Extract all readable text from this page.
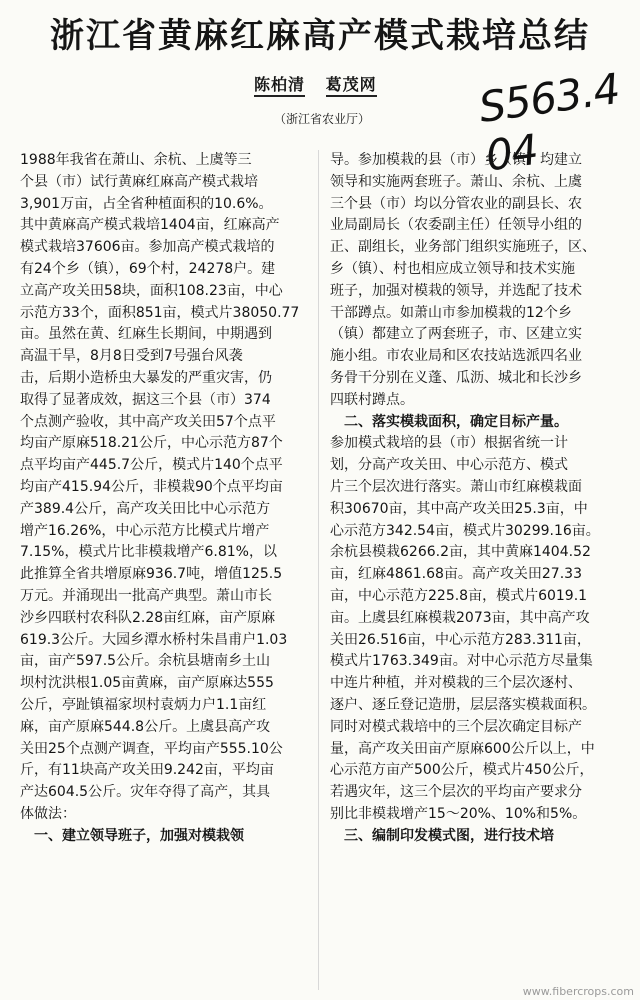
浙江省黄麻红麻高产模式栽培总结
陈柏清 葛茂网
（浙江省农业厅）	S563.4 04
1988年我省在萧山、余杭、上虞等三
个县（市）试行黄麻红麻高产模式栽培
3,901万亩，占全省种植面积的10.6%。
其中黄麻高产模式栽培1404亩，红麻高产
模式栽培37606亩。参加高产模式栽培的
有24个乡（镇），69个村，24278户。建
立高产攻关田58块，面积108.23亩，中心
示范方33个，面积851亩，模式片38050.77
亩。虽然在黄、红麻生长期间，中期遇到
高温干旱，8月8日受到7号强台风袭
击，后期小造桥虫大暴发的严重灾害，仍
取得了显著成效，据这三个县（市）374
个点测产验收，其中高产攻关田57个点平
均亩产原麻518.21公斤，中心示范方87个
点平均亩产445.7公斤，模式片140个点平
均亩产415.94公斤，非模栽90个点平均亩
产389.4公斤，高产攻关田比中心示范方
增产16.26%，中心示范方比模式片增产
7.15%，模式片比非模栽增产6.81%，以
此推算全省共增原麻936.7吨，增值125.5
万元。并涌现出一批高产典型。萧山市长
沙乡四联村农科队2.28亩红麻，亩产原麻
619.3公斤。大园乡潭水桥村朱昌甫户1.03
亩，亩产597.5公斤。余杭县塘南乡土山
坝村沈洪根1.05亩黄麻，亩产原麻达555
公斤，亭趾镇福家坝村袁炳力户1.1亩红
麻，亩产原麻544.8公斤。上虞县高产攻
关田25个点测产调查，平均亩产555.10公
斤，有11块高产攻关田9.242亩，平均亩
产达604.5公斤。灾年夺得了高产，其具
体做法：
　一、建立领导班子，加强对模栽领
导。参加模栽的县（市）乡（镇）均建立
领导和实施两套班子。萧山、余杭、上虞
三个县（市）均以分管农业的副县长、农
业局副局长（农委副主任）任领导小组的
正、副组长，业务部门组织实施班子，区、
乡（镇）、村也相应成立领导和技术实施
班子，加强对模栽的领导，并选配了技术
干部蹲点。如萧山市参加模栽的12个乡
（镇）都建立了两套班子，市、区建立实
施小组。市农业局和区农技站选派四名业
务骨干分别在义蓬、瓜沥、城北和长沙乡
四联村蹲点。
　二、落实模栽面积，确定目标产量。
参加模式栽培的县（市）根据省统一计
划，分高产攻关田、中心示范方、模式
片三个层次进行落实。萧山市红麻模栽面
积30670亩，其中高产攻关田25.3亩，中
心示范方342.54亩，模式片30299.16亩。
余杭县模栽6266.2亩，其中黄麻1404.52
亩，红麻4861.68亩。高产攻关田27.33
亩，中心示范方225.8亩，模式片6019.1
亩。上虞县红麻模栽2073亩，其中高产攻
关田26.516亩，中心示范方283.311亩，
模式片1763.349亩。对中心示范方尽量集
中连片种植，并对模栽的三个层次逐村、
逐户、逐丘登记造册，层层落实模栽面积。
同时对模式栽培中的三个层次确定目标产
量，高产攻关田亩产原麻600公斤以上，中
心示范方亩产500公斤，模式片450公斤，
若遇灾年，这三个层次的平均亩产要求分
别比非模栽增产15～20%、10%和5%。
　三、编制印发模式图，进行技术培
www.fibercrops.com
